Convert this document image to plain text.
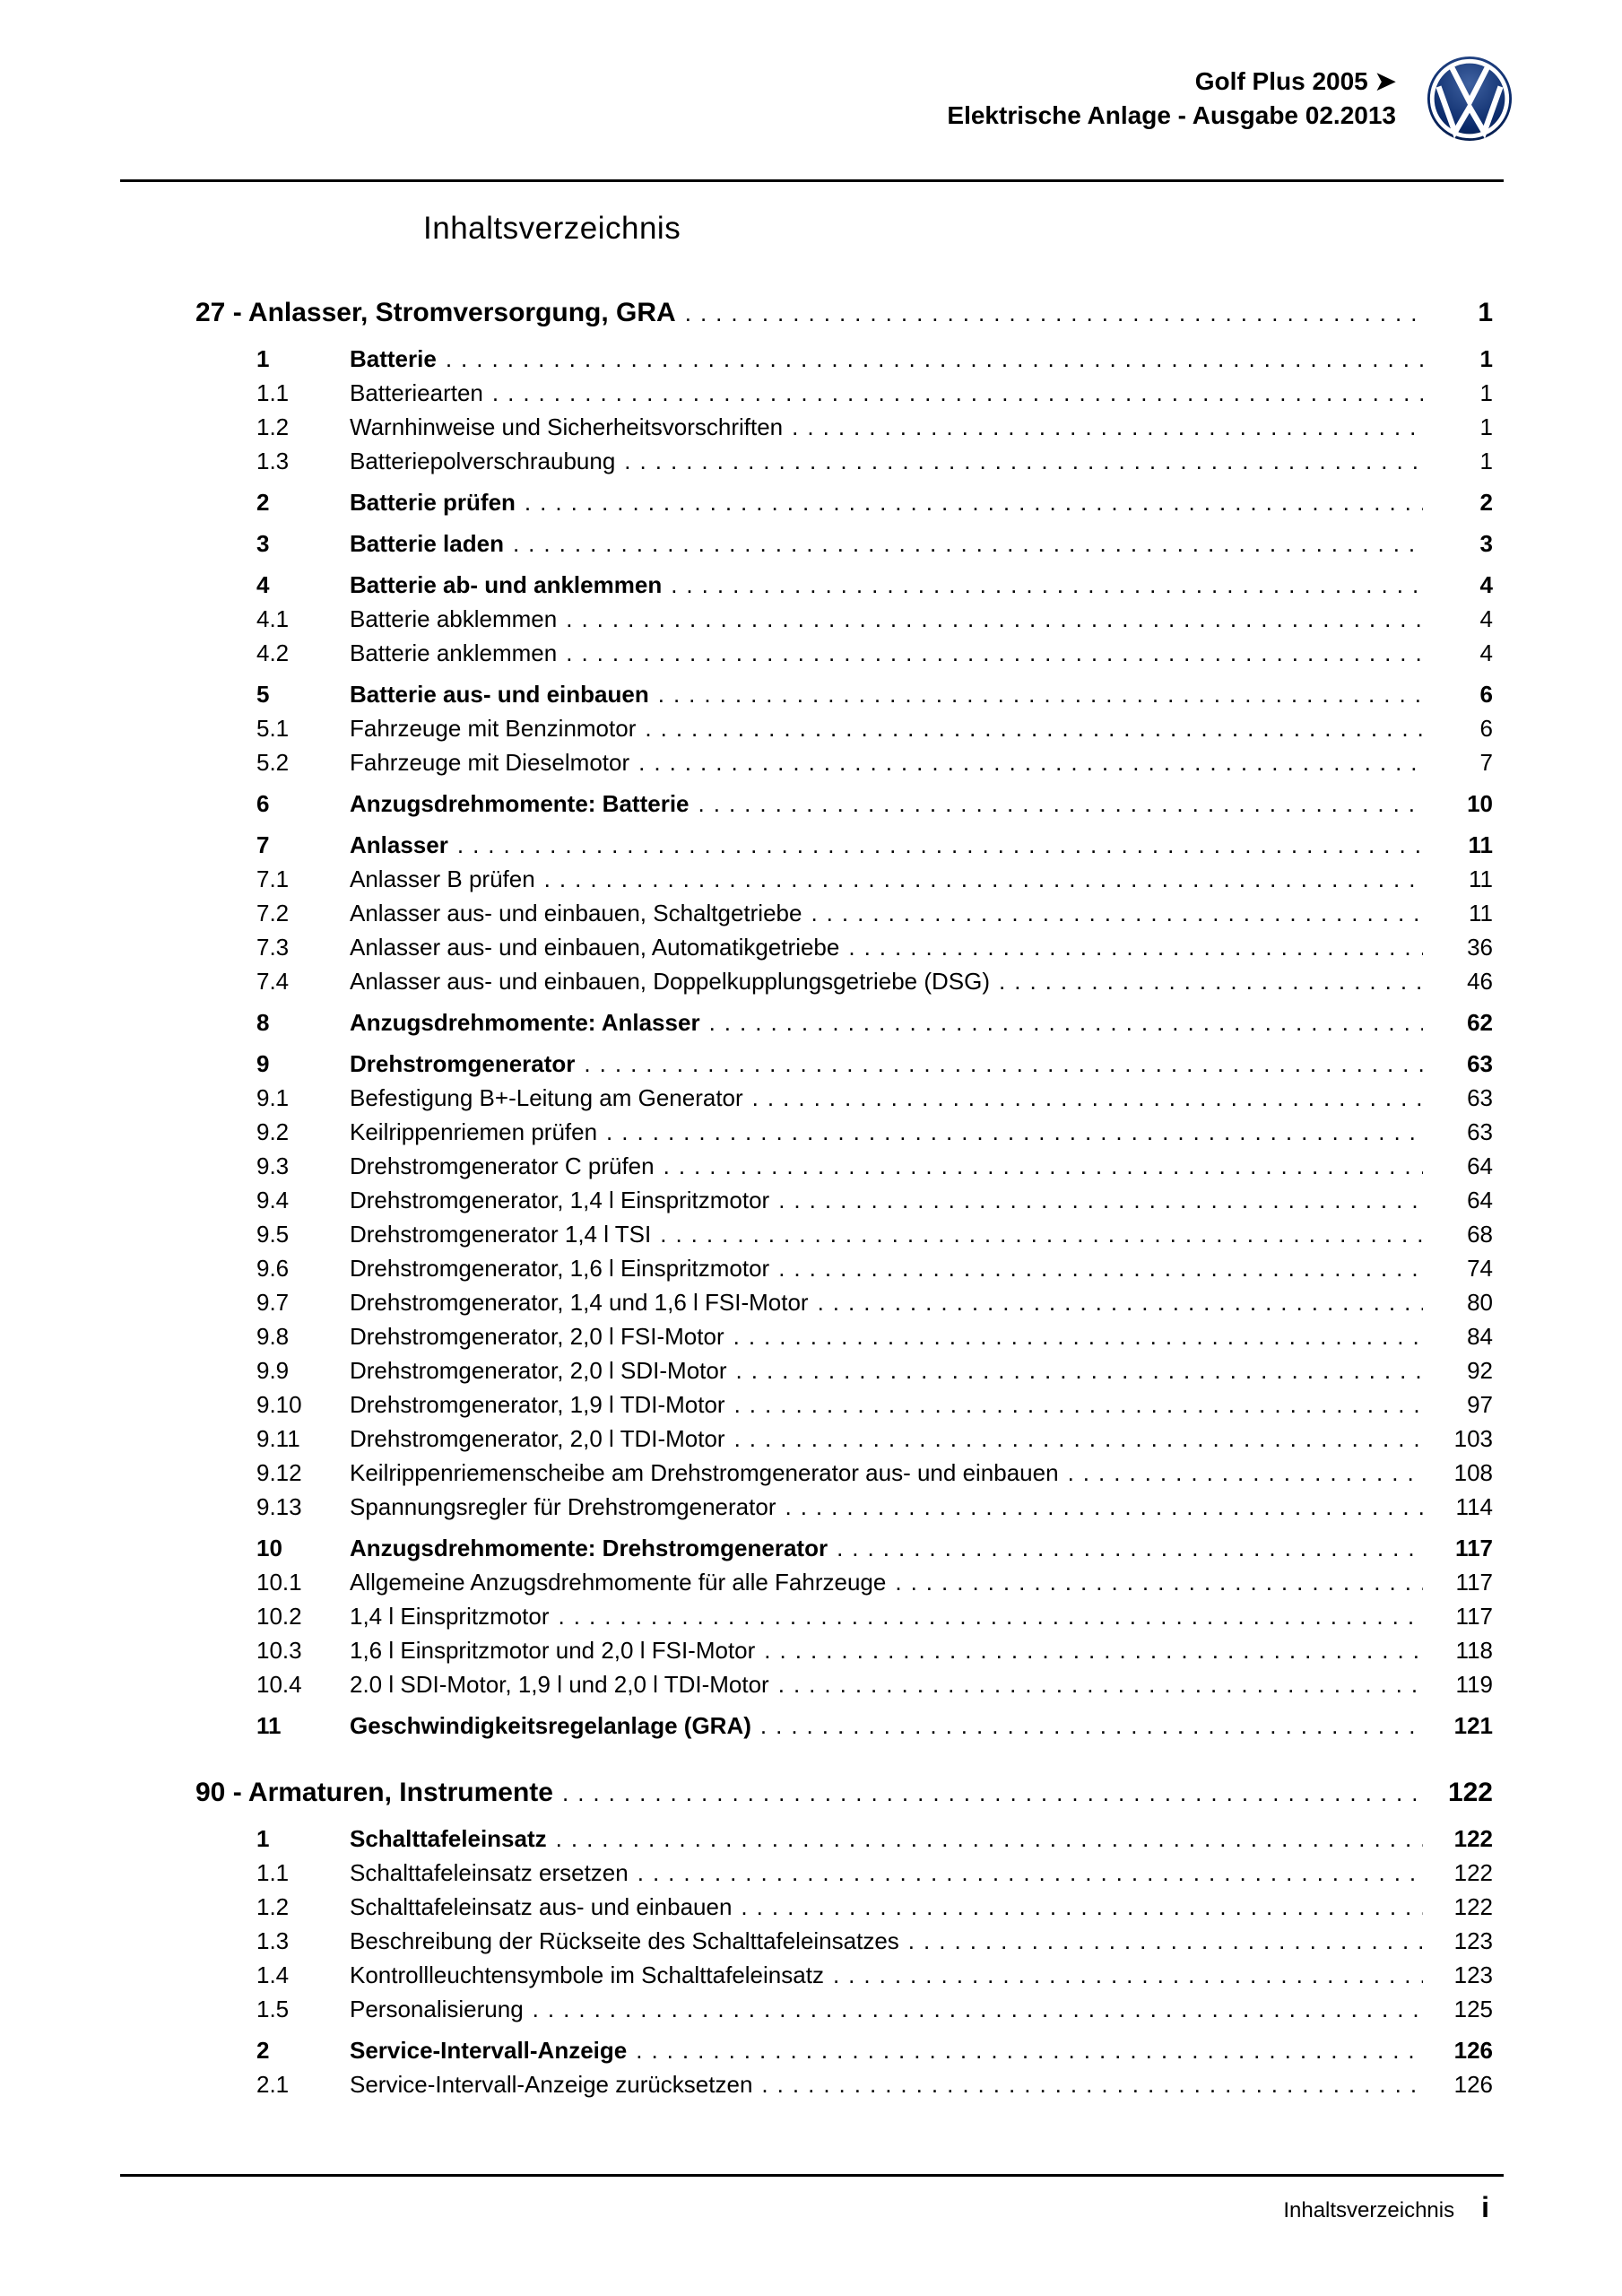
Golf Plus 2005 ➤
Elektrische Anlage - Ausgabe 02.2013
Inhaltsverzeichnis
27 - Anlasser, Stromversorgung, GRA .....	1
1	Batterie .....	1
1.1	Batteriearten .....	1
1.2	Warnhinweise und Sicherheitsvorschriften .....	1
1.3	Batteriepolverschraubung .....	1
2	Batterie prüfen .....	2
3	Batterie laden .....	3
4	Batterie ab- und anklemmen .....	4
4.1	Batterie abklemmen .....	4
4.2	Batterie anklemmen .....	4
5	Batterie aus- und einbauen .....	6
5.1	Fahrzeuge mit Benzinmotor .....	6
5.2	Fahrzeuge mit Dieselmotor .....	7
6	Anzugsdrehmomente: Batterie .....	10
7	Anlasser .....	11
7.1	Anlasser B prüfen .....	11
7.2	Anlasser aus- und einbauen, Schaltgetriebe .....	11
7.3	Anlasser aus- und einbauen, Automatikgetriebe .....	36
7.4	Anlasser aus- und einbauen, Doppelkupplungsgetriebe (DSG) .....	46
8	Anzugsdrehmomente: Anlasser .....	62
9	Drehstromgenerator .....	63
9.1	Befestigung B+-Leitung am Generator .....	63
9.2	Keilrippenriemen prüfen .....	63
9.3	Drehstromgenerator C prüfen .....	64
9.4	Drehstromgenerator, 1,4 l Einspritzmotor .....	64
9.5	Drehstromgenerator 1,4 l TSI .....	68
9.6	Drehstromgenerator, 1,6 l Einspritzmotor .....	74
9.7	Drehstromgenerator, 1,4 und 1,6 l FSI-Motor .....	80
9.8	Drehstromgenerator, 2,0 l FSI-Motor .....	84
9.9	Drehstromgenerator, 2,0 l SDI-Motor .....	92
9.10	Drehstromgenerator, 1,9 l TDI-Motor .....	97
9.11	Drehstromgenerator, 2,0 l TDI-Motor .....	103
9.12	Keilrippenriemenscheibe am Drehstromgenerator aus- und einbauen .....	108
9.13	Spannungsregler für Drehstromgenerator .....	114
10	Anzugsdrehmomente: Drehstromgenerator .....	117
10.1	Allgemeine Anzugsdrehmomente für alle Fahrzeuge .....	117
10.2	1,4 l Einspritzmotor .....	117
10.3	1,6 l Einspritzmotor und 2,0 l FSI-Motor .....	118
10.4	2.0 l SDI-Motor, 1,9 l und 2,0 l TDI-Motor .....	119
11	Geschwindigkeitsregelanlage (GRA) .....	121
90 - Armaturen, Instrumente .....	122
1	Schalttafeleinsatz .....	122
1.1	Schalttafeleinsatz ersetzen .....	122
1.2	Schalttafeleinsatz aus- und einbauen .....	122
1.3	Beschreibung der Rückseite des Schalttafeleinsatzes .....	123
1.4	Kontrollleuchtensymbole im Schalttafeleinsatz .....	123
1.5	Personalisierung .....	125
2	Service-Intervall-Anzeige .....	126
2.1	Service-Intervall-Anzeige zurücksetzen .....	126
Inhaltsverzeichnis i
